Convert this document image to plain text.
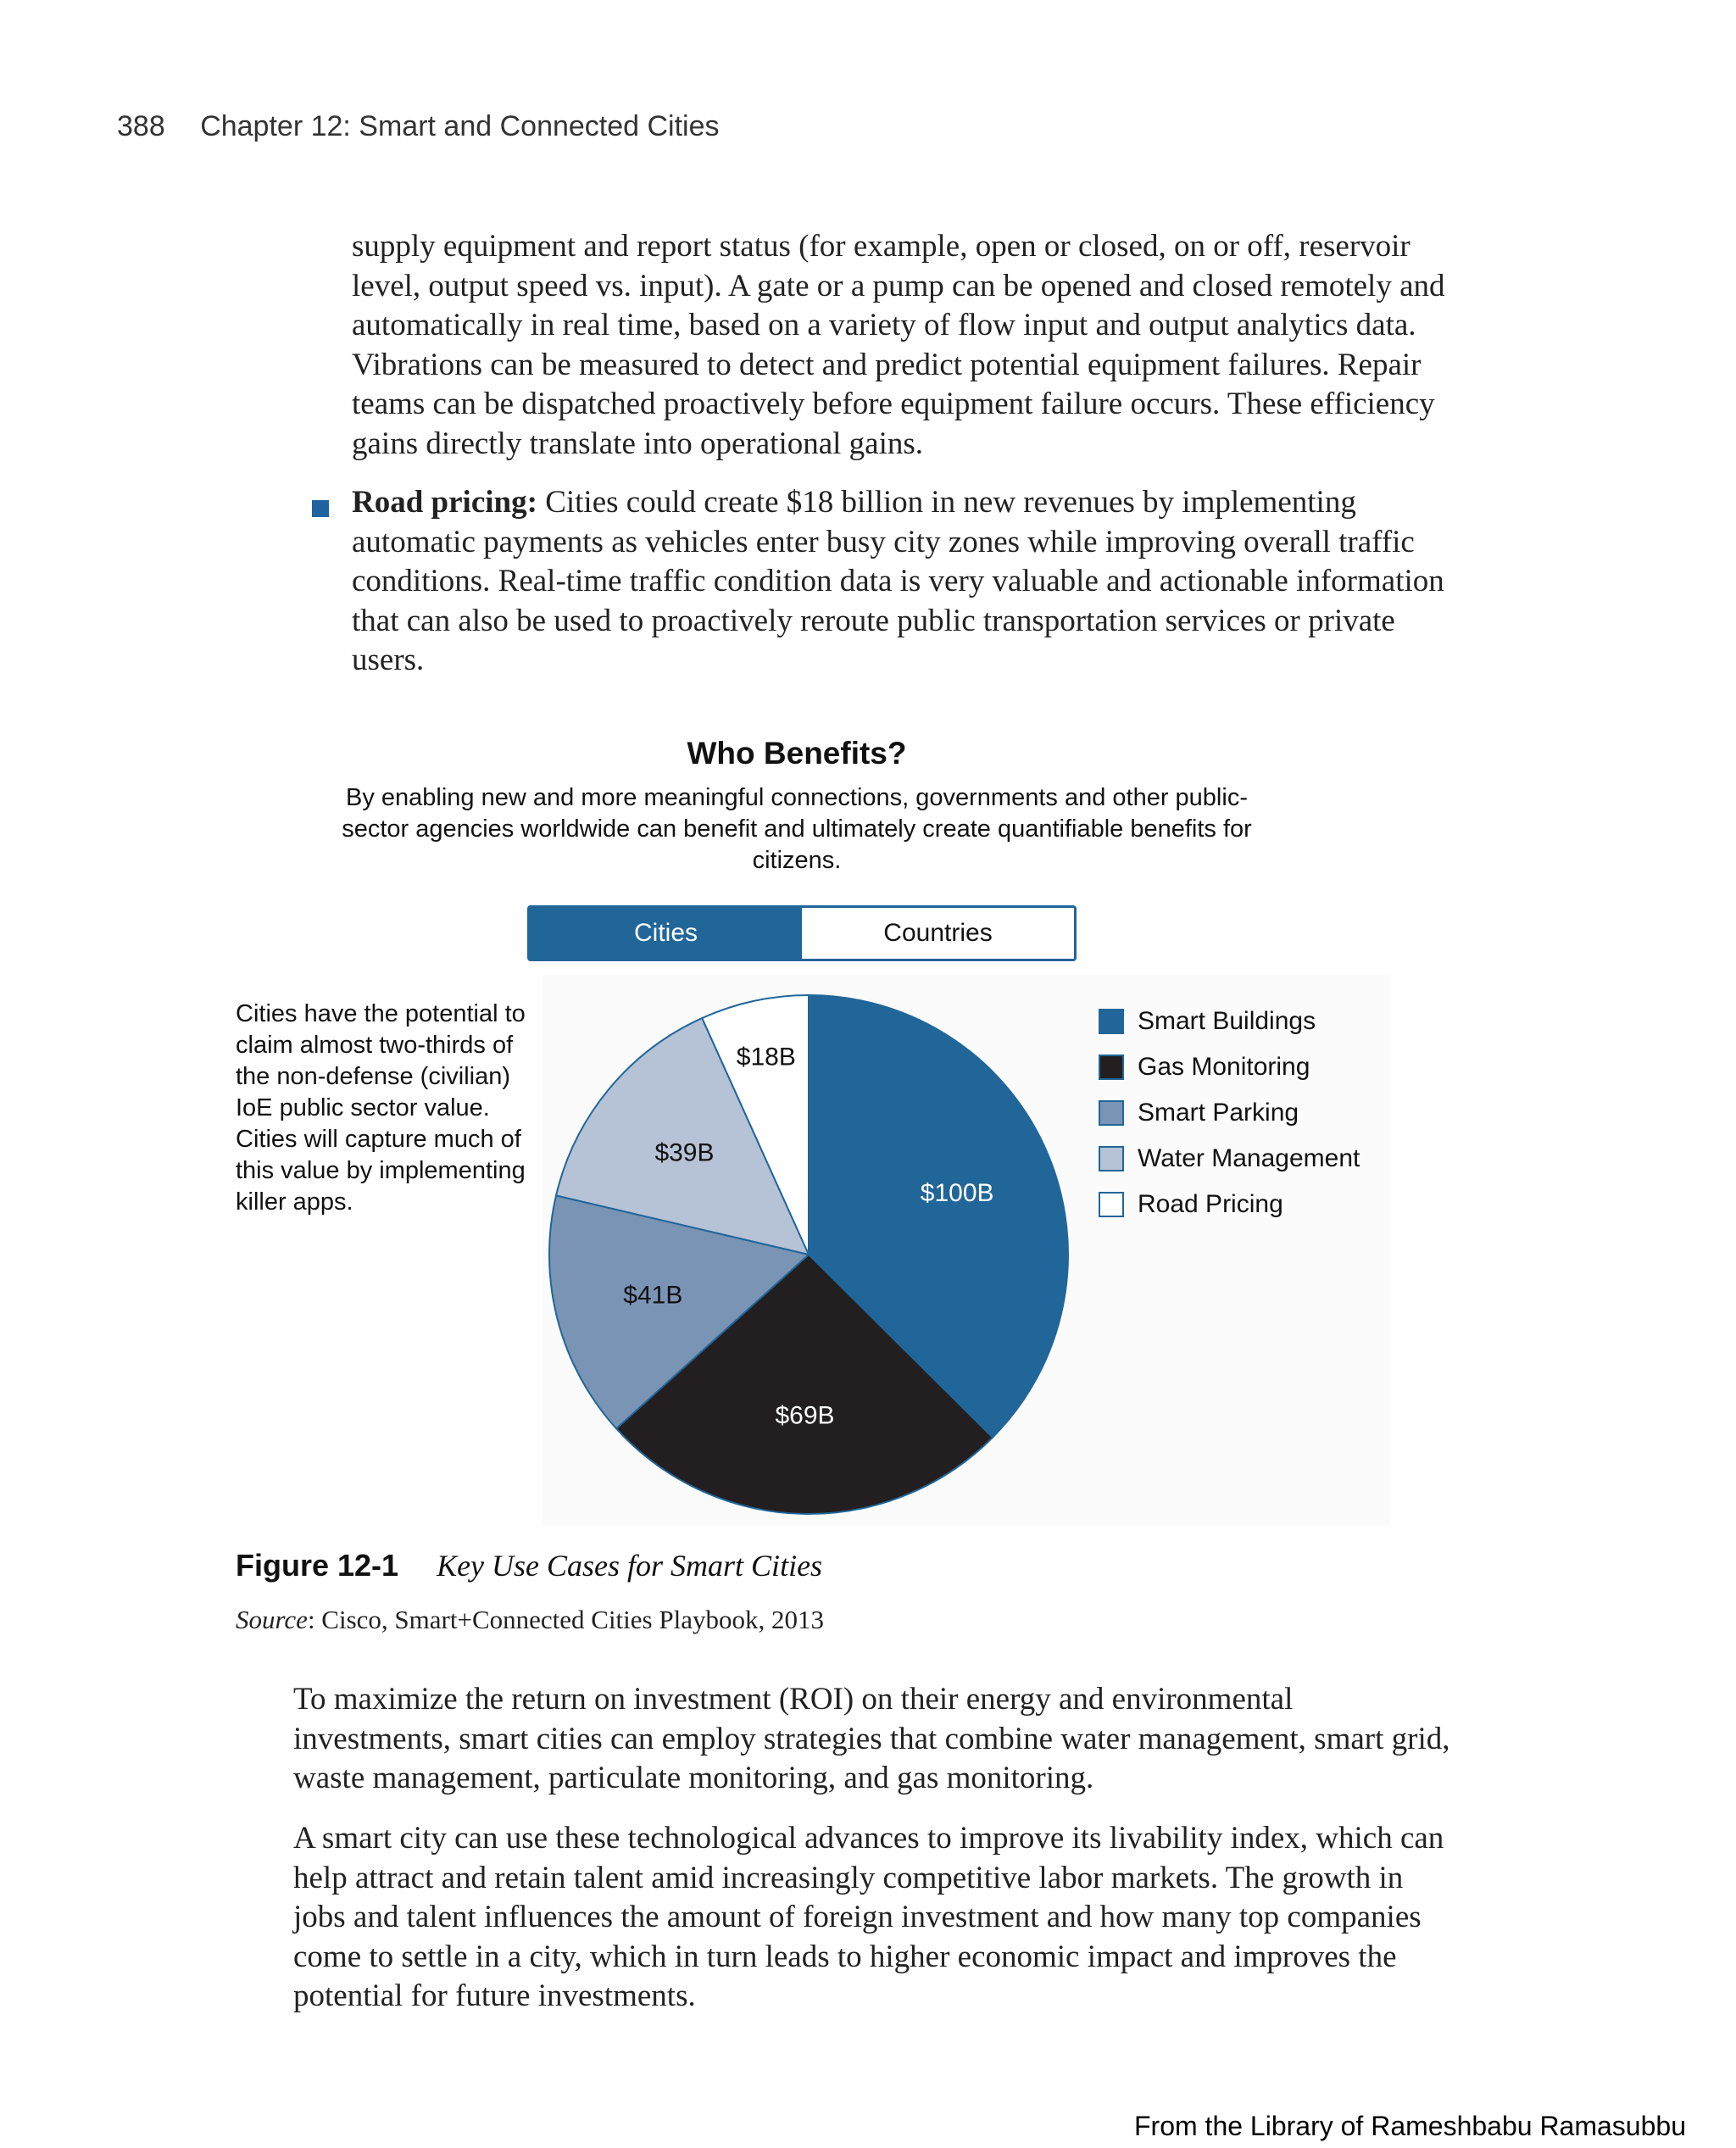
388 Chapter 12: Smart and Connected Cities

supply equipment and report status (for example, open or closed, on or off, reservoir level, output speed vs. input). A gate or a pump can be opened and closed remotely and automatically in real time, based on a variety of flow input and output analytics data. Vibrations can be measured to detect and predict potential equipment failures. Repair teams can be dispatched proactively before equipment failure occurs. These efficiency gains directly translate into operational gains.

Road pricing: Cities could create $18 billion in new revenues by implementing automatic payments as vehicles enter busy city zones while improving overall traffic conditions. Real-time traffic condition data is very valuable and actionable information that can also be used to proactively reroute public transportation services or private users.

Who Benefits?
By enabling new and more meaningful connections, governments and other public-sector agencies worldwide can benefit and ultimately create quantifiable benefits for citizens.
Cities	Countries
Cities have the potential to claim almost two-thirds of the non-defense (civilian) IoE public sector value. Cities will capture much of this value by implementing killer apps.	$100B
$69B
$41B
$39B
$18B
Smart Buildings
Gas Monitoring
Smart Parking
Water Management
Road Pricing
Figure 12-1 Key Use Cases for Smart Cities
Source: Cisco, Smart+Connected Cities Playbook, 2013

To maximize the return on investment (ROI) on their energy and environmental investments, smart cities can employ strategies that combine water management, smart grid, waste management, particulate monitoring, and gas monitoring.

A smart city can use these technological advances to improve its livability index, which can help attract and retain talent amid increasingly competitive labor markets. The growth in jobs and talent influences the amount of foreign investment and how many top companies come to settle in a city, which in turn leads to higher economic impact and improves the potential for future investments.

From the Library of Rameshbabu Ramasubbu
